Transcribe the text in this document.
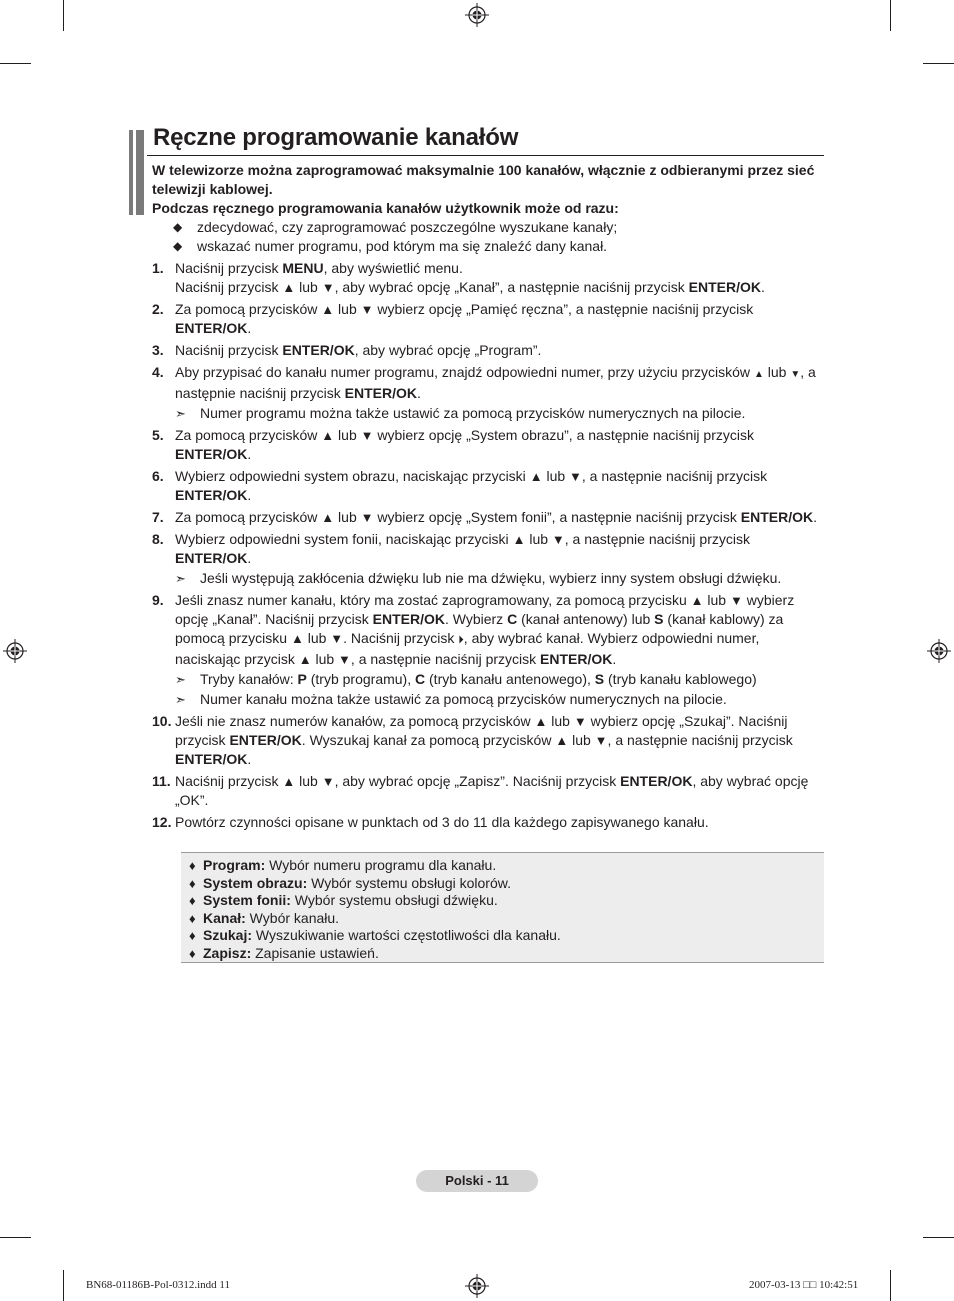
Ręczne programowanie kanałów
W telewizorze można zaprogramować maksymalnie 100 kanałów, włącznie z odbieranymi przez sieć telewizji kablowej.
Podczas ręcznego programowania kanałów użytkownik może od razu:
◆ zdecydować, czy zaprogramować poszczególne wyszukane kanały;
◆ wskazać numer programu, pod którym ma się znaleźć dany kanał.
1. Naciśnij przycisk MENU, aby wyświetlić menu.
Naciśnij przycisk ▲ lub ▼, aby wybrać opcję „Kanał”, a następnie naciśnij przycisk ENTER/OK.
2. Za pomocą przycisków ▲ lub ▼ wybierz opcję „Pamięć ręczna”, a następnie naciśnij przycisk ENTER/OK.
3. Naciśnij przycisk ENTER/OK, aby wybrać opcję „Program”.
4. Aby przypisać do kanału numer programu, znajdź odpowiedni numer, przy użyciu przycisków ▲ lub ▼, a następnie naciśnij przycisk ENTER/OK.
➣ Numer programu można także ustawić za pomocą przycisków numerycznych na pilocie.
5. Za pomocą przycisków ▲ lub ▼ wybierz opcję „System obrazu”, a następnie naciśnij przycisk ENTER/OK.
6. Wybierz odpowiedni system obrazu, naciskając przyciski ▲ lub ▼, a następnie naciśnij przycisk ENTER/OK.
7. Za pomocą przycisków ▲ lub ▼ wybierz opcję „System fonii”, a następnie naciśnij przycisk ENTER/OK.
8. Wybierz odpowiedni system fonii, naciskając przyciski ▲ lub ▼, a następnie naciśnij przycisk ENTER/OK.
➣ Jeśli występują zakłócenia dźwięku lub nie ma dźwięku, wybierz inny system obsługi dźwięku.
9. Jeśli znasz numer kanału, który ma zostać zaprogramowany, za pomocą przycisku ▲ lub ▼ wybierz opcję „Kanał”. Naciśnij przycisk ENTER/OK. Wybierz C (kanał antenowy) lub S (kanał kablowy) za pomocą przycisku ▲ lub ▼. Naciśnij przycisk ⏵, aby wybrać kanał. Wybierz odpowiedni numer, naciskając przycisk ▲ lub ▼, a następnie naciśnij przycisk ENTER/OK.
➣ Tryby kanałów: P (tryb programu), C (tryb kanału antenowego), S (tryb kanału kablowego)
➣ Numer kanału można także ustawić za pomocą przycisków numerycznych na pilocie.
10. Jeśli nie znasz numerów kanałów, za pomocą przycisków ▲ lub ▼ wybierz opcję „Szukaj”. Naciśnij przycisk ENTER/OK. Wyszukaj kanał za pomocą przycisków ▲ lub ▼, a następnie naciśnij przycisk ENTER/OK.
11. Naciśnij przycisk ▲ lub ▼, aby wybrać opcję „Zapisz”. Naciśnij przycisk ENTER/OK, aby wybrać opcję „OK”.
12. Powtórz czynności opisane w punktach od 3 do 11 dla każdego zapisywanego kanału.
♦ Program: Wybór numeru programu dla kanału.
♦ System obrazu: Wybór systemu obsługi kolorów.
♦ System fonii: Wybór systemu obsługi dźwięku.
♦ Kanał: Wybór kanału.
♦ Szukaj: Wyszukiwanie wartości częstotliwości dla kanału.
♦ Zapisz: Zapisanie ustawień.
Polski - 11
BN68-01186B-Pol-0312.indd 11	2007-03-13 □□ 10:42:51
